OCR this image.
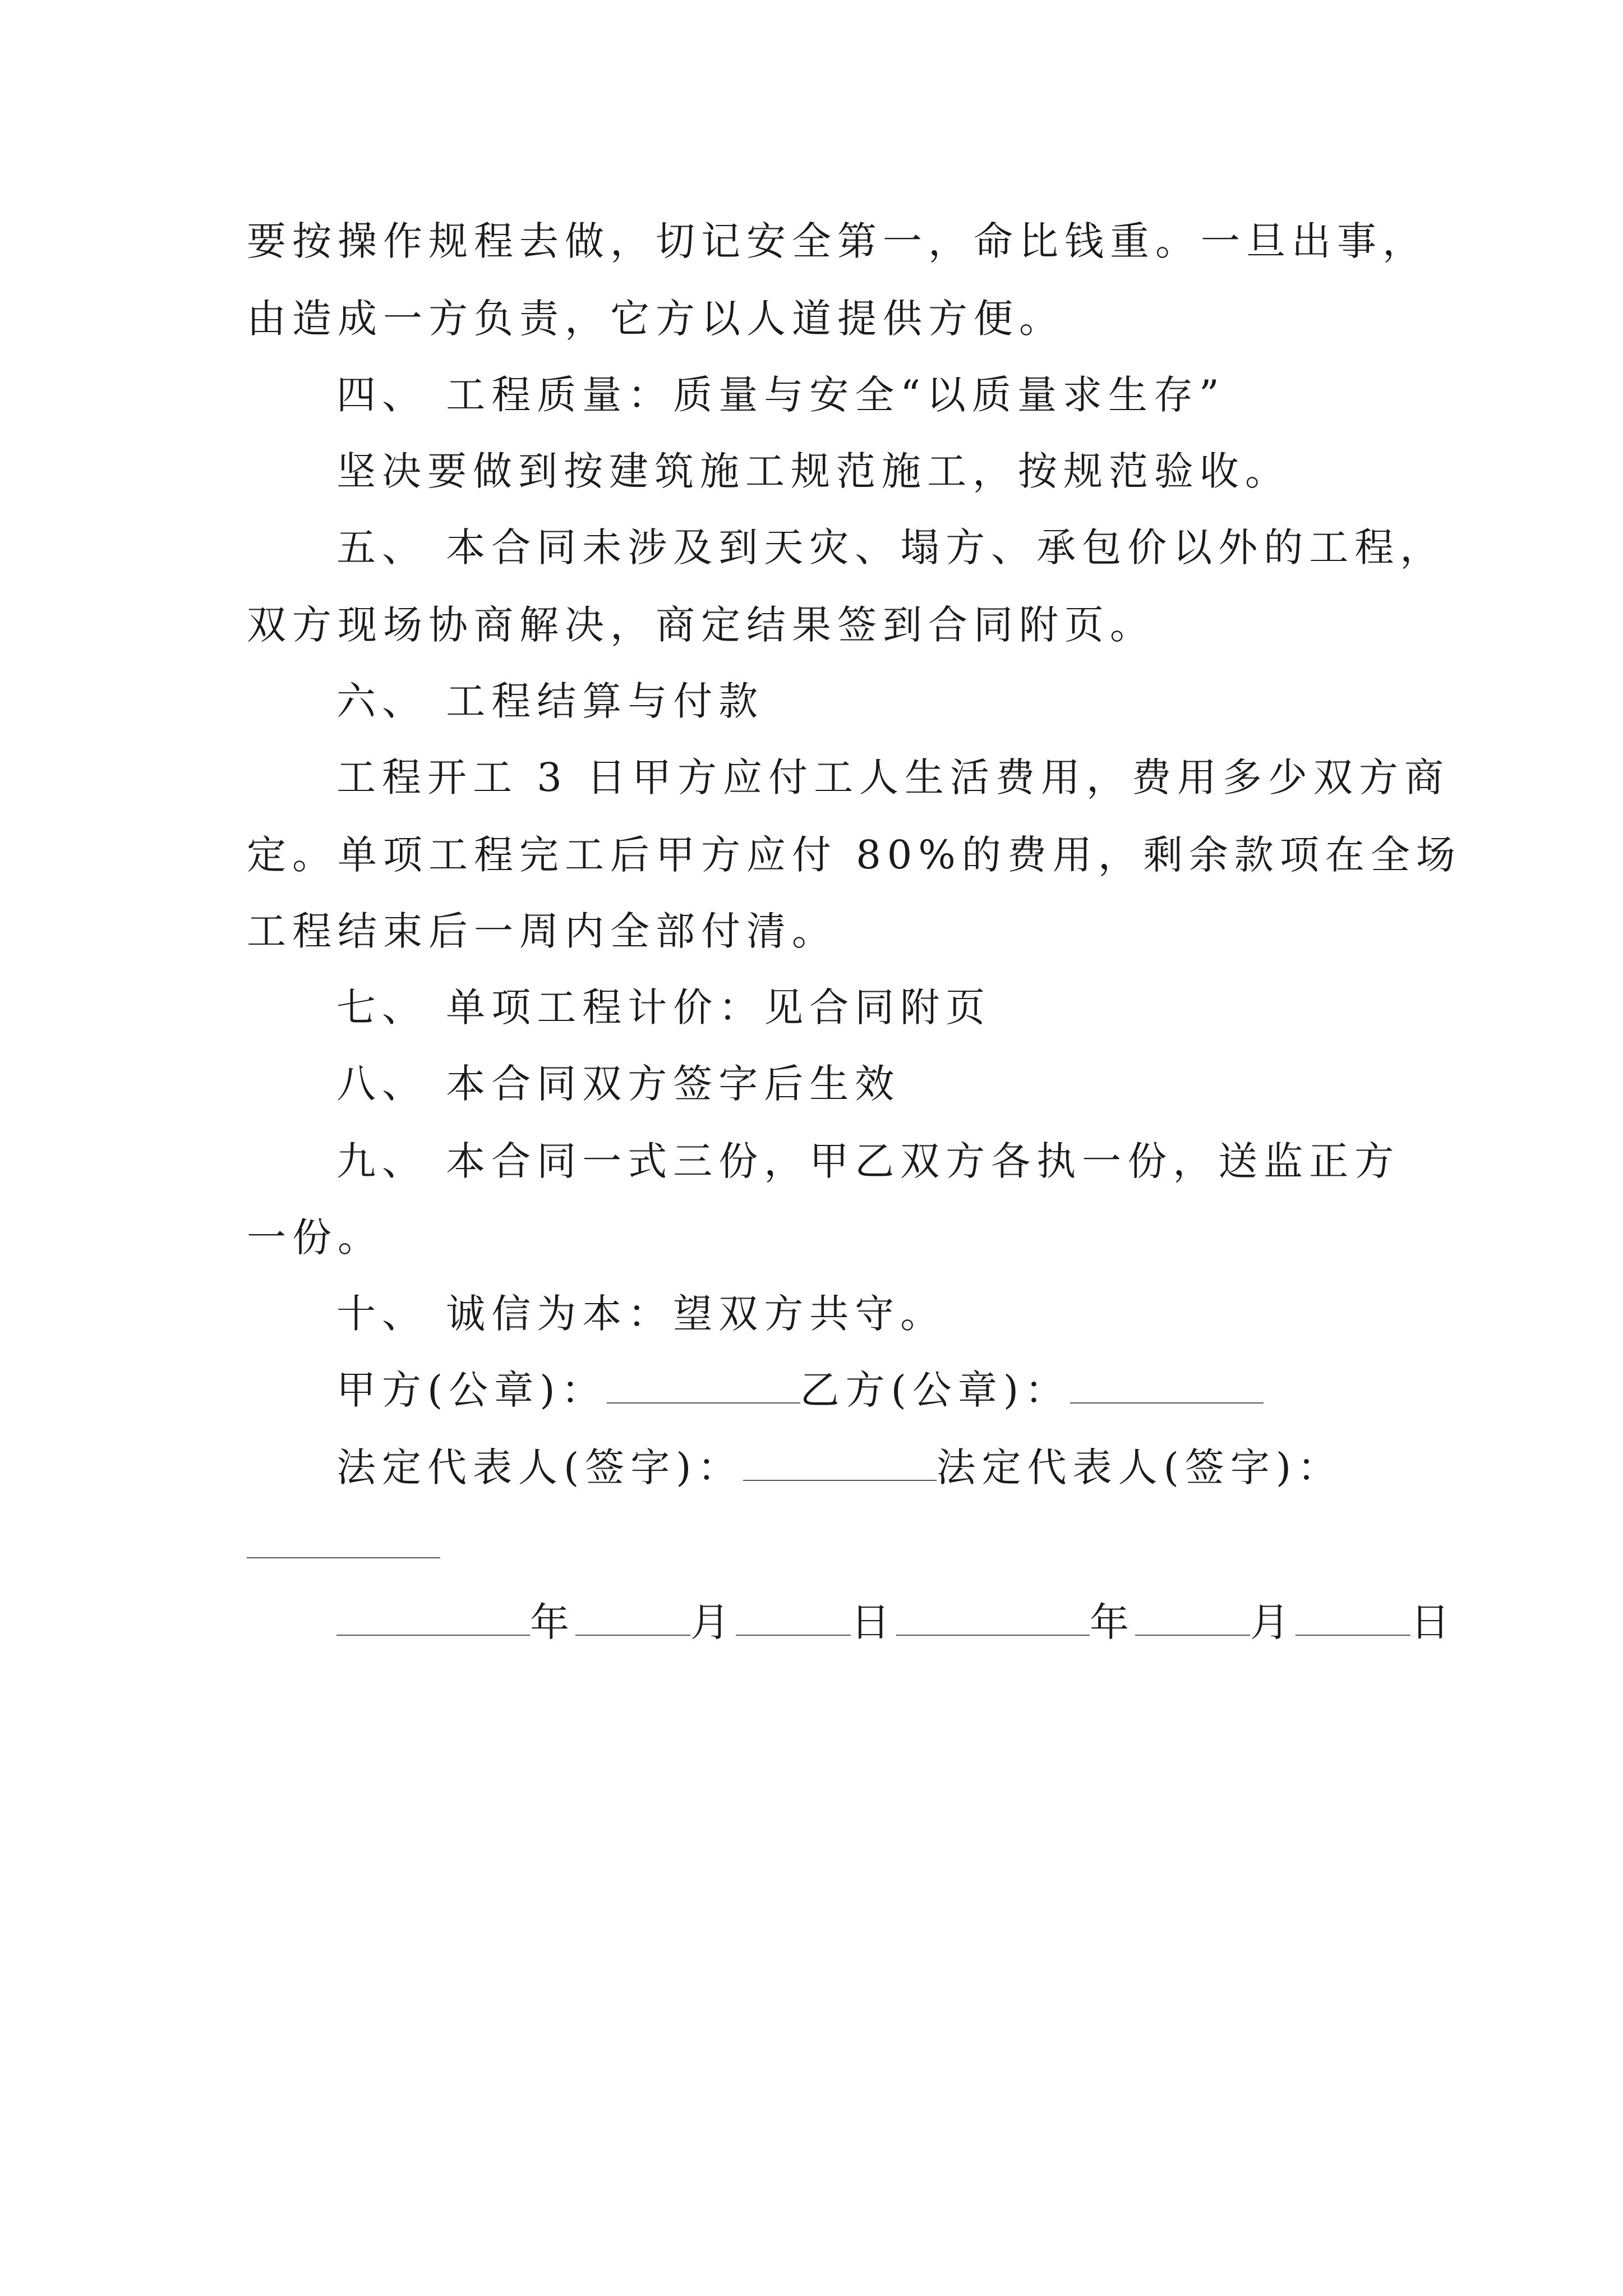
要按操作规程去做，切记安全第一，命比钱重。一旦出事，
由造成一方负责，它方以人道提供方便。
四、 工程质量：质量与安全“以质量求生存”
坚决要做到按建筑施工规范施工，按规范验收。
五、 本合同未涉及到天灾、塌方、承包价以外的工程，
双方现场协商解决，商定结果签到合同附页。
六、 工程结算与付款
工程开工 3 日甲方应付工人生活费用，费用多少双方商
定。单项工程完工后甲方应付 80%的费用，剩余款项在全场
工程结束后一周内全部付清。
七、 单项工程计价：见合同附页
八、 本合同双方签字后生效
九、 本合同一式三份，甲乙双方各执一份，送监正方
一份。
十、 诚信为本：望双方共守。
甲方(公章)：	乙方(公章)：
法定代表人(签字)：	法定代表人(签字)：
年	月	日	年	月	日
